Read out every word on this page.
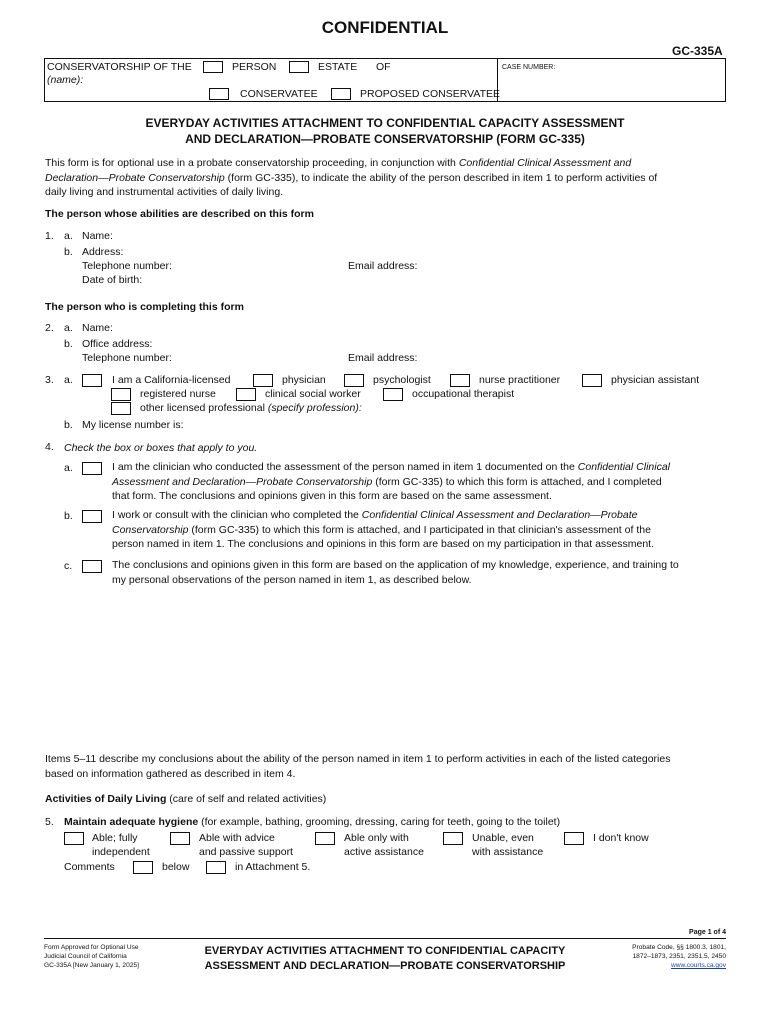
CONFIDENTIAL
GC-335A
CONSERVATORSHIP OF THE
(name):
PERSON	ESTATE OF
CONSERVATEE	PROPOSED CONSERVATEE
CASE NUMBER:
EVERYDAY ACTIVITIES ATTACHMENT TO CONFIDENTIAL CAPACITY ASSESSMENT
AND DECLARATION—PROBATE CONSERVATORSHIP (FORM GC-335)
This form is for optional use in a probate conservatorship proceeding, in conjunction with Confidential Clinical Assessment and
Declaration—Probate Conservatorship (form GC-335), to indicate the ability of the person described in item 1 to perform activities of
daily living and instrumental activities of daily living.
The person whose abilities are described on this form
1. a. Name:
b. Address:
Telephone number:	Email address:
Date of birth:
The person who is completing this form
2. a. Name:
b. Office address:
Telephone number:	Email address:
3. a.	I am a California-licensed	physician	psychologist	nurse practitioner	physician assistant
registered nurse	clinical social worker	occupational therapist
other licensed professional (specify profession):
b. My license number is:
4. Check the box or boxes that apply to you.
a.	I am the clinician who conducted the assessment of the person named in item 1 documented on the Confidential Clinical
Assessment and Declaration—Probate Conservatorship (form GC-335) to which this form is attached, and I completed
that form. The conclusions and opinions given in this form are based on the same assessment.
b.	I work or consult with the clinician who completed the Confidential Clinical Assessment and Declaration—Probate
Conservatorship (form GC-335) to which this form is attached, and I participated in that clinician's assessment of the
person named in item 1. The conclusions and opinions in this form are based on my participation in that assessment.
c.	The conclusions and opinions given in this form are based on the application of my knowledge, experience, and training to
my personal observations of the person named in item 1, as described below.
Items 5–11 describe my conclusions about the ability of the person named in item 1 to perform activities in each of the listed categories
based on information gathered as described in item 4.
Activities of Daily Living (care of self and related activities)
5. Maintain adequate hygiene (for example, bathing, grooming, dressing, caring for teeth, going to the toilet)
Able; fully
independent
Able with advice
and passive support
Able only with
active assistance
Unable, even
with assistance
I don't know
Comments	below	in Attachment 5.
Page 1 of 4
Form Approved for Optional Use
Judicial Council of California
GC-335A [New January 1, 2025]
EVERYDAY ACTIVITIES ATTACHMENT TO CONFIDENTIAL CAPACITY
ASSESSMENT AND DECLARATION—PROBATE CONSERVATORSHIP
Probate Code, §§ 1800.3, 1801,
1872–1873, 2351, 2351.5, 2450
www.courts.ca.gov
